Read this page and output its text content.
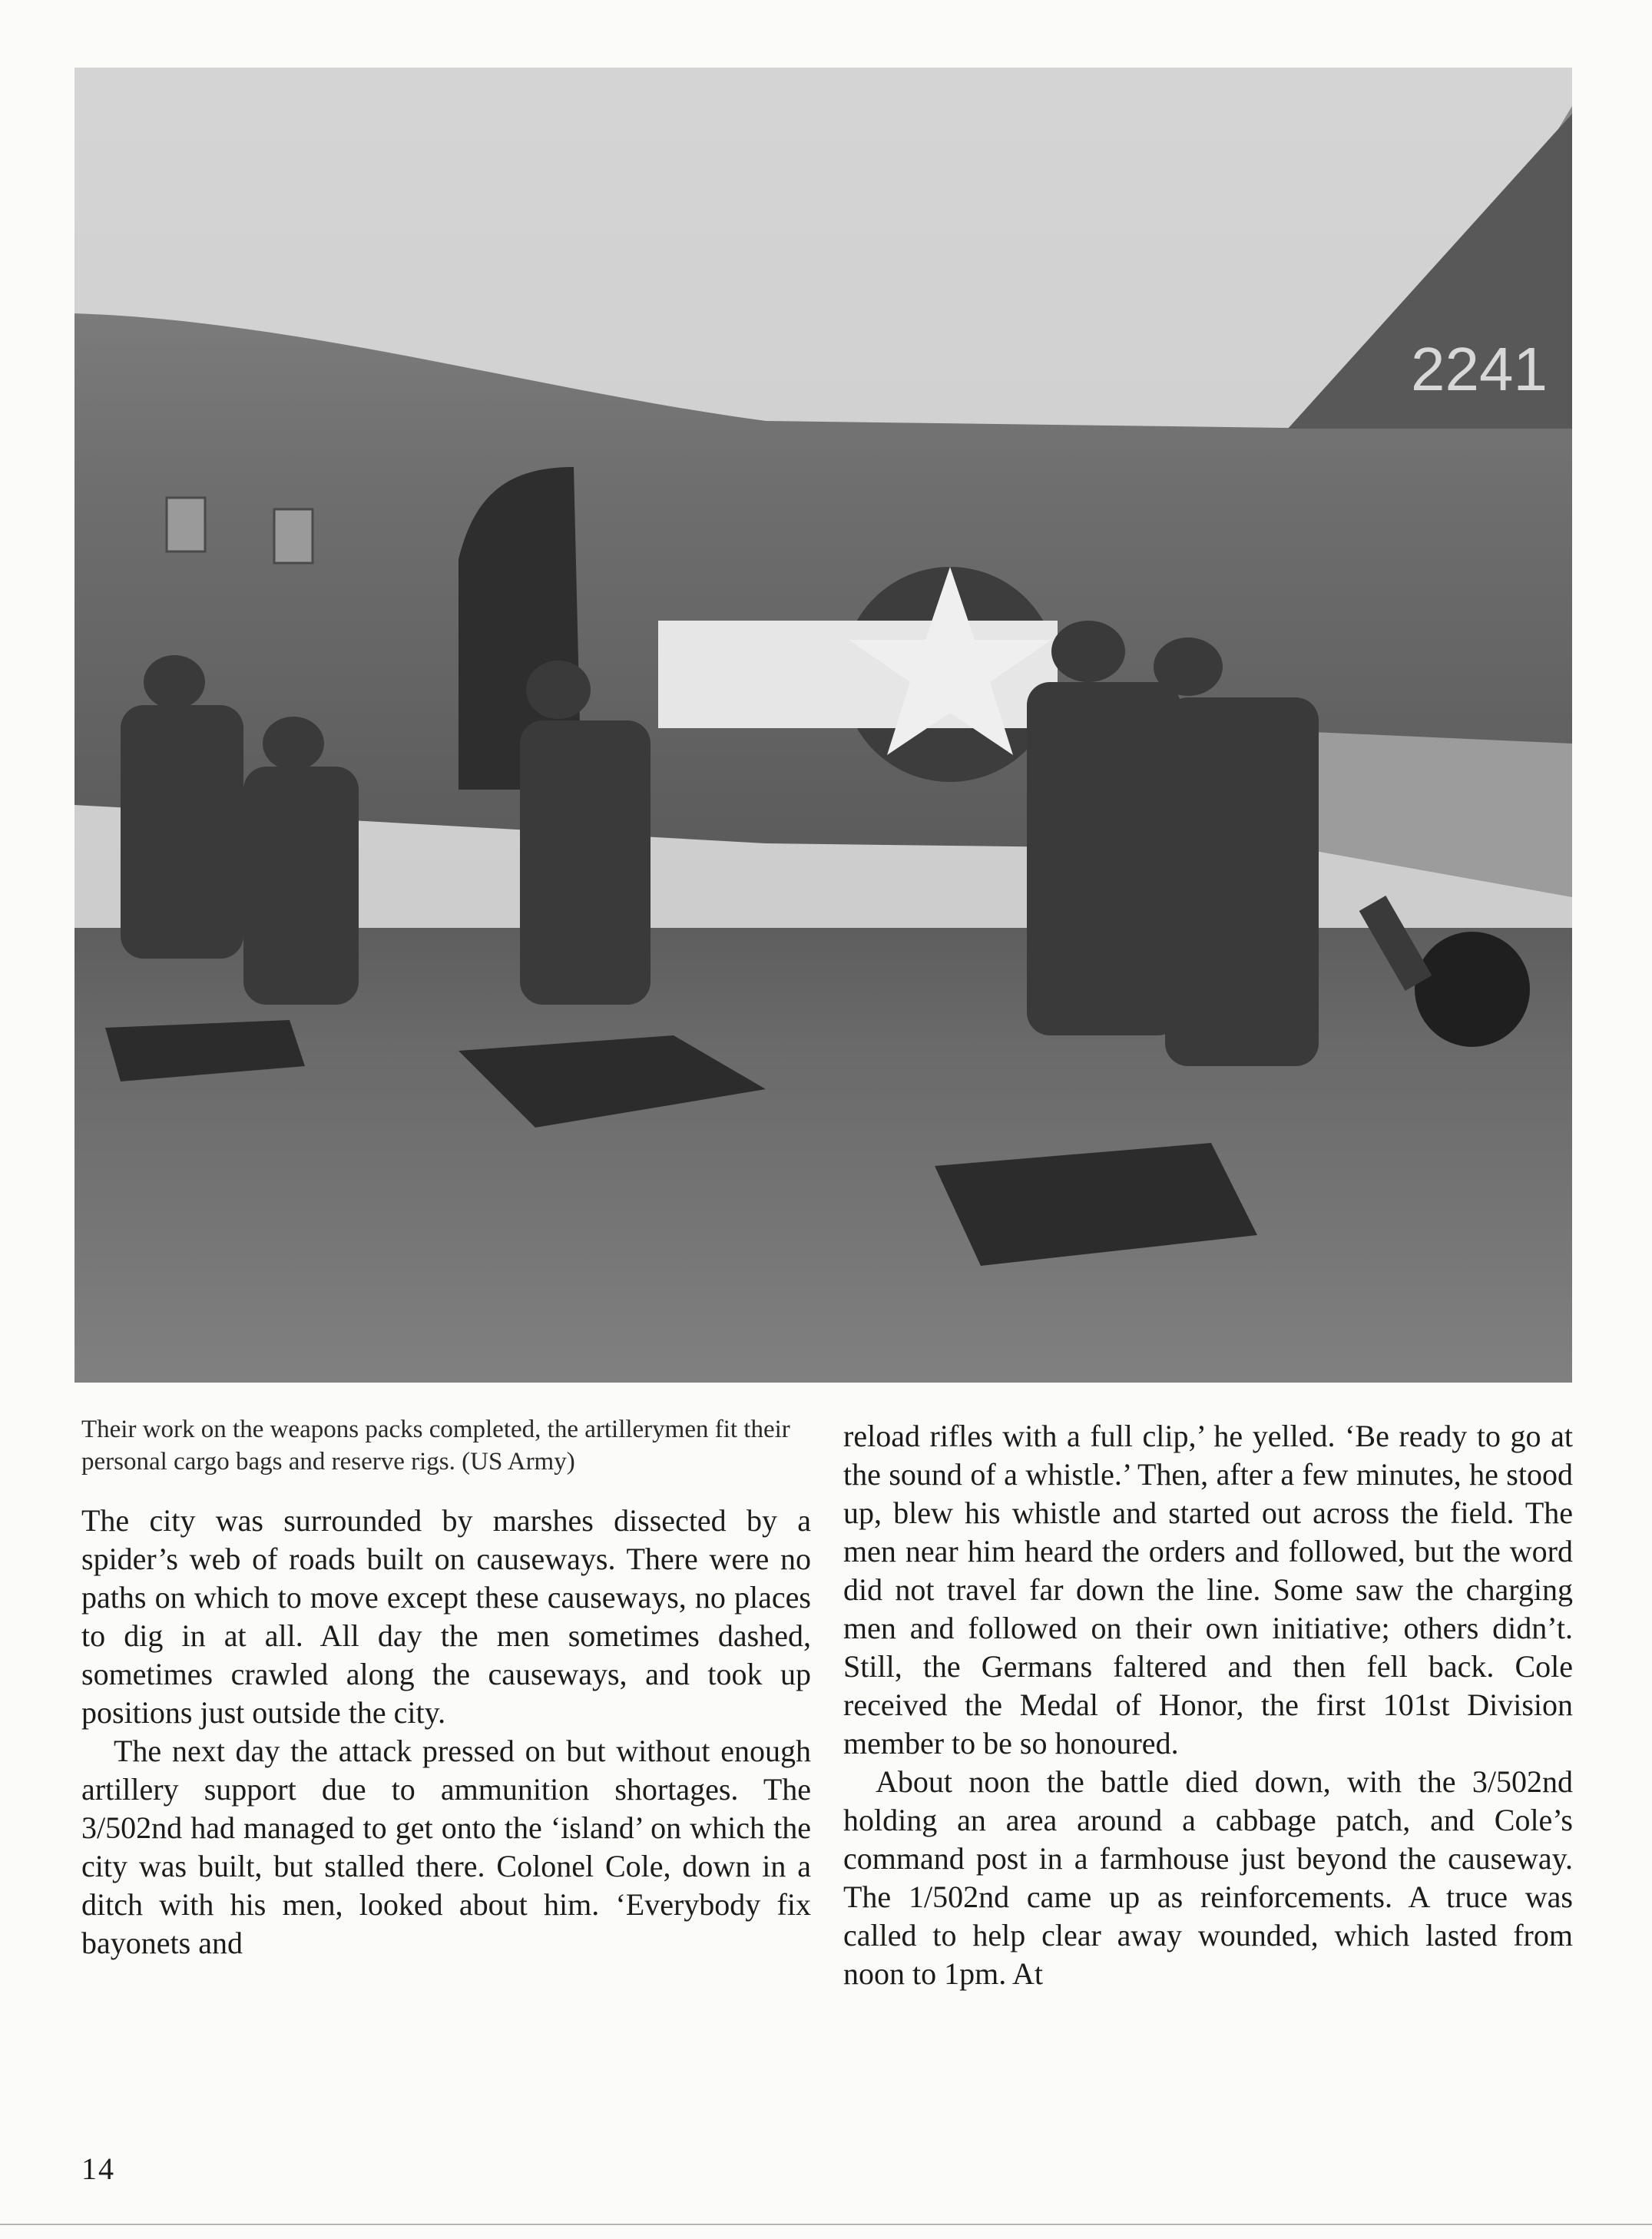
2241

Their work on the weapons packs completed, the artillerymen fit their personal cargo bags and reserve rigs. (US Army)

The city was surrounded by marshes dissected by a spider’s web of roads built on causeways. There were no paths on which to move except these causeways, no places to dig in at all. All day the men sometimes dashed, sometimes crawled along the causeways, and took up positions just outside the city.

The next day the attack pressed on but without enough artillery support due to ammunition shortages. The 3/502nd had managed to get onto the ‘island’ on which the city was built, but stalled there. Colonel Cole, down in a ditch with his men, looked about him. ‘Everybody fix bayonets and

reload rifles with a full clip,’ he yelled. ‘Be ready to go at the sound of a whistle.’ Then, after a few minutes, he stood up, blew his whistle and started out across the field. The men near him heard the orders and followed, but the word did not travel far down the line. Some saw the charging men and followed on their own initiative; others didn’t. Still, the Germans faltered and then fell back. Cole received the Medal of Honor, the first 101st Division member to be so honoured.

About noon the battle died down, with the 3/502nd holding an area around a cabbage patch, and Cole’s command post in a farmhouse just beyond the causeway. The 1/502nd came up as reinforcements. A truce was called to help clear away wounded, which lasted from noon to 1pm. At

14
